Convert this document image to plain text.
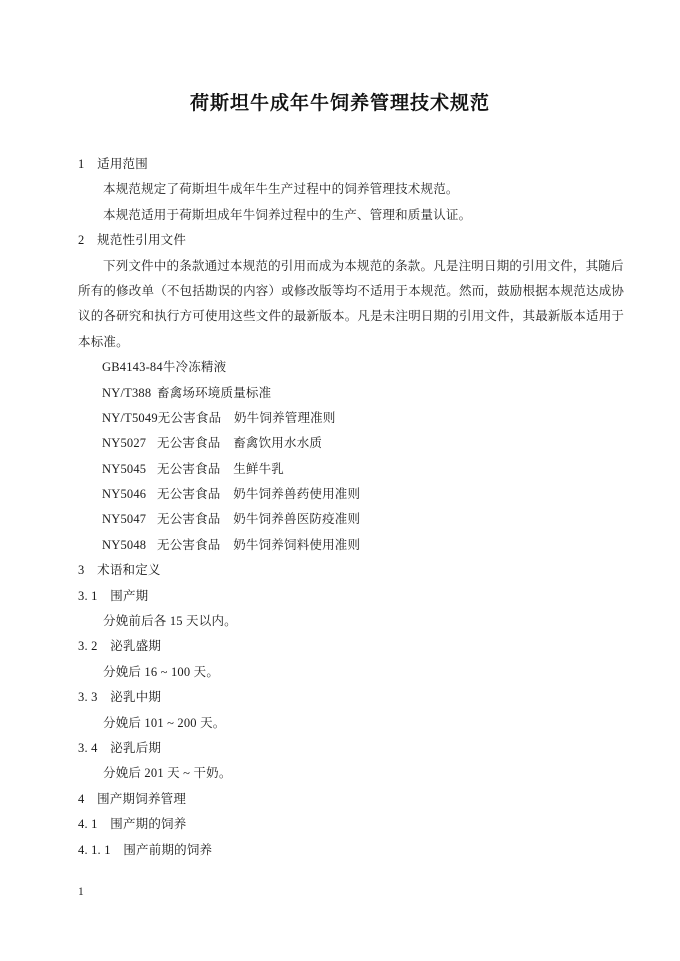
荷斯坦牛成年牛饲养管理技术规范
1　适用范围
本规范规定了荷斯坦牛成年牛生产过程中的饲养管理技术规范。
本规范适用于荷斯坦成年牛饲养过程中的生产、管理和质量认证。
2　规范性引用文件
下列文件中的条款通过本规范的引用而成为本规范的条款。凡是注明日期的引用文件，其随后
所有的修改单（不包括勘误的内容）或修改版等均不适用于本规范。然而，鼓励根据本规范达成协
议的各研究和执行方可使用这些文件的最新版本。凡是未注明日期的引用文件，其最新版本适用于
本标准。
GB4143-84牛冷冻精液
NY/T388 畜禽场环境质量标准
NY/T5049无公害食品　奶牛饲养管理准则
NY5027 无公害食品　畜禽饮用水水质
NY5045 无公害食品　生鲜牛乳
NY5046 无公害食品　奶牛饲养兽药使用准则
NY5047 无公害食品　奶牛饲养兽医防疫准则
NY5048 无公害食品　奶牛饲养饲料使用准则
3　术语和定义
3. 1　围产期
分娩前后各 15 天以内。
3. 2　泌乳盛期
分娩后 16 ~ 100 天。
3. 3　泌乳中期
分娩后 101 ~ 200 天。
3. 4　泌乳后期
分娩后 201 天 ~ 干奶。
4　围产期饲养管理
4. 1　围产期的饲养
4. 1. 1　围产前期的饲养
1
